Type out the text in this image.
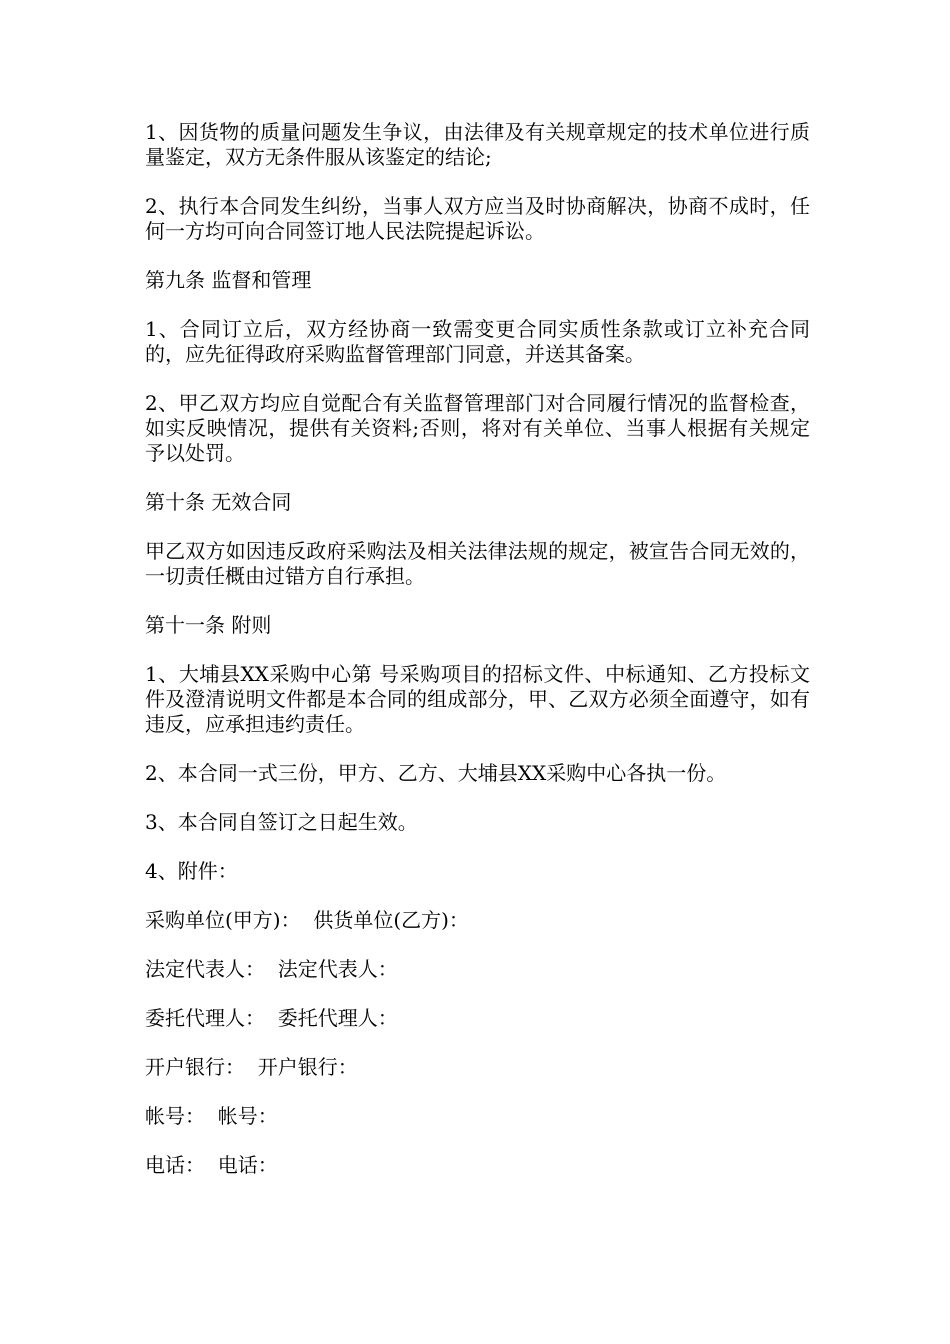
1、因货物的质量问题发生争议，由法律及有关规章规定的技术单位进行质量鉴定，双方无条件服从该鉴定的结论;

2、执行本合同发生纠纷，当事人双方应当及时协商解决，协商不成时，任何一方均可向合同签订地人民法院提起诉讼。

第九条 监督和管理

1、合同订立后，双方经协商一致需变更合同实质性条款或订立补充合同的，应先征得政府采购监督管理部门同意，并送其备案。

2、甲乙双方均应自觉配合有关监督管理部门对合同履行情况的监督检查，如实反映情况，提供有关资料;否则，将对有关单位、当事人根据有关规定予以处罚。

第十条 无效合同

甲乙双方如因违反政府采购法及相关法律法规的规定，被宣告合同无效的，一切责任概由过错方自行承担。

第十一条 附则

1、大埔县XX采购中心第 号采购项目的招标文件、中标通知、乙方投标文件及澄清说明文件都是本合同的组成部分，甲、乙双方必须全面遵守，如有违反，应承担违约责任。

2、本合同一式三份，甲方、乙方、大埔县XX采购中心各执一份。

3、本合同自签订之日起生效。

4、附件：

采购单位(甲方)：  供货单位(乙方)：

法定代表人：  法定代表人：

委托代理人：  委托代理人：

开户银行：  开户银行：

帐号：  帐号：

电话：  电话：
